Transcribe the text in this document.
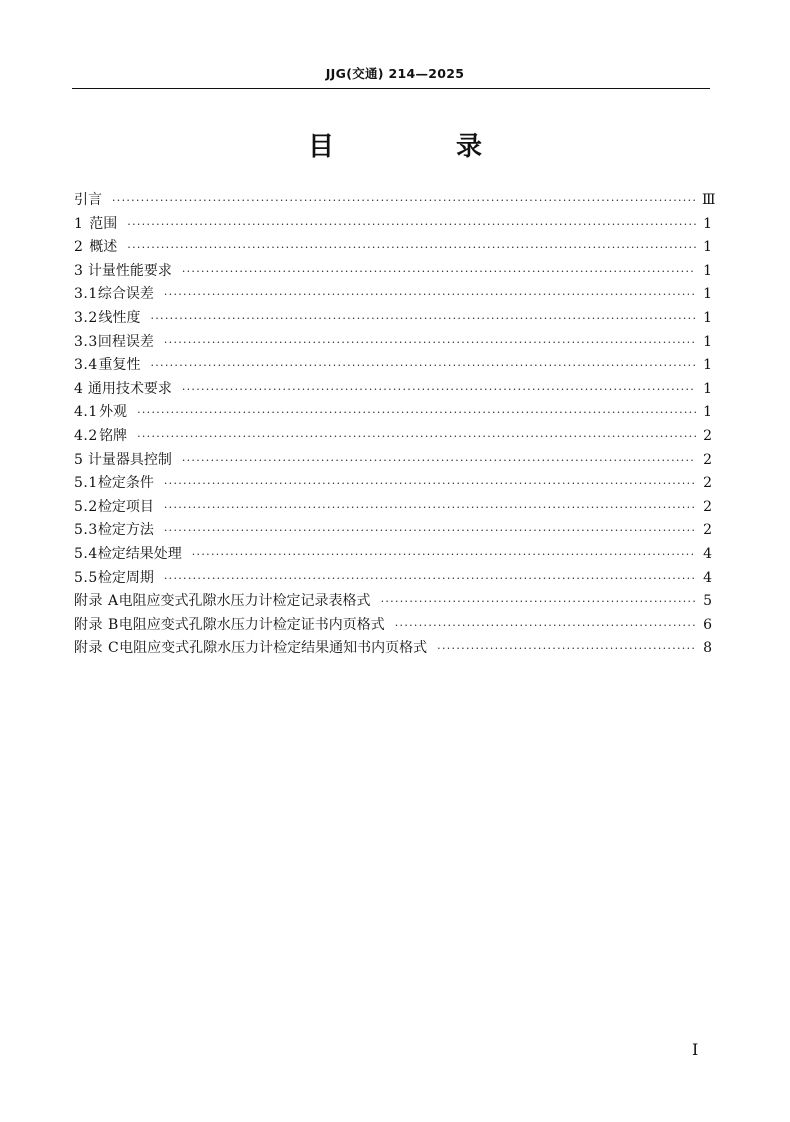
JJG(交通) 214—2025
目　录
引言 ·····	Ⅲ
1 范围 ·····	1
2 概述 ·····	1
3 计量性能要求 ·····	1
3.1 综合误差 ·····	1
3.2 线性度 ·····	1
3.3 回程误差 ·····	1
3.4 重复性 ·····	1
4 通用技术要求 ·····	1
4.1 外观 ·····	1
4.2 铭牌 ·····	2
5 计量器具控制 ·····	2
5.1 检定条件 ·····	2
5.2 检定项目 ·····	2
5.3 检定方法 ·····	2
5.4 检定结果处理 ·····	4
5.5 检定周期 ·····	4
附录 A 电阻应变式孔隙水压力计检定记录表格式 ·····	5
附录 B 电阻应变式孔隙水压力计检定证书内页格式 ·····	6
附录 C 电阻应变式孔隙水压力计检定结果通知书内页格式 ·····	8
I
